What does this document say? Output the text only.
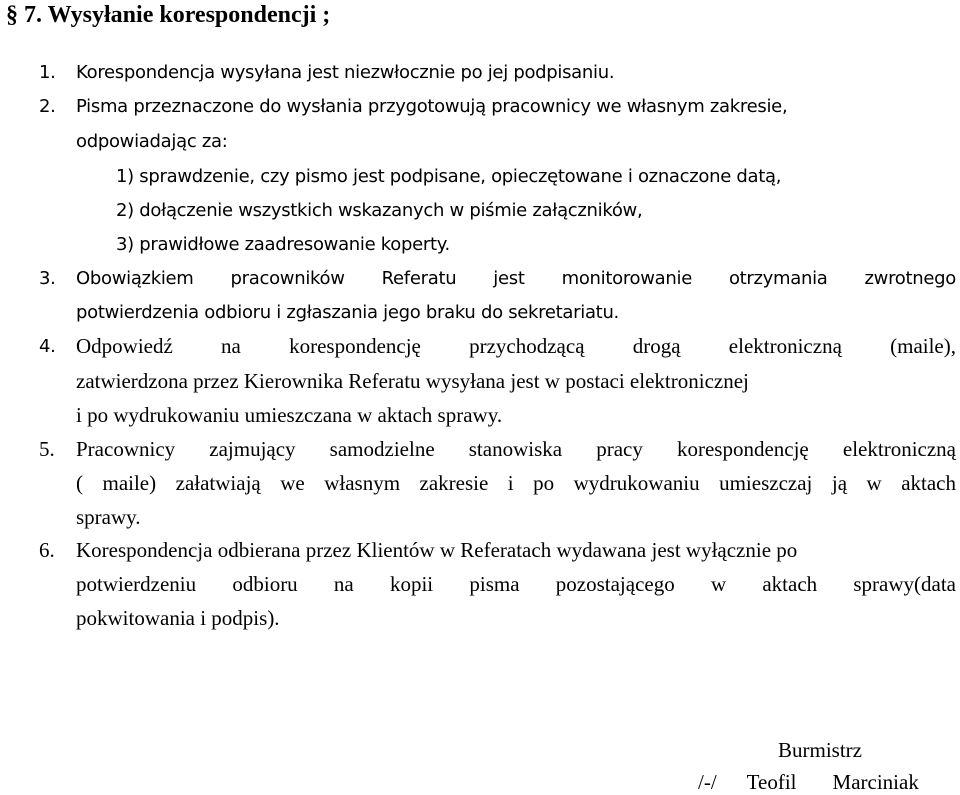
§ 7. Wysyłanie korespondencji ;
1. Korespondencja wysyłana jest niezwłocznie po jej podpisaniu.
2. Pisma przeznaczone do wysłania przygotowują pracownicy we własnym zakresie,
odpowiadając za:
1) sprawdzenie, czy pismo jest podpisane, opieczętowane i oznaczone datą,
2) dołączenie wszystkich wskazanych w piśmie załączników,
3) prawidłowe zaadresowanie koperty.
3. Obowiązkiem pracowników Referatu jest monitorowanie otrzymania zwrotnego
potwierdzenia odbioru i zgłaszania jego braku do sekretariatu.
4. Odpowiedź na korespondencję przychodzącą drogą elektroniczną (maile),
zatwierdzona przez Kierownika Referatu wysyłana jest w postaci elektronicznej
i po wydrukowaniu umieszczana w aktach sprawy.
5. Pracownicy zajmujący samodzielne stanowiska pracy korespondencję elektroniczną
( maile) załatwiają we własnym zakresie i po wydrukowaniu umieszczaj ją w aktach
sprawy.
6. Korespondencja odbierana przez Klientów w Referatach wydawana jest wyłącznie po
potwierdzeniu odbioru na kopii pisma pozostającego w aktach sprawy(data
pokwitowania i podpis).
Burmistrz
/-/ Teofil Marciniak
